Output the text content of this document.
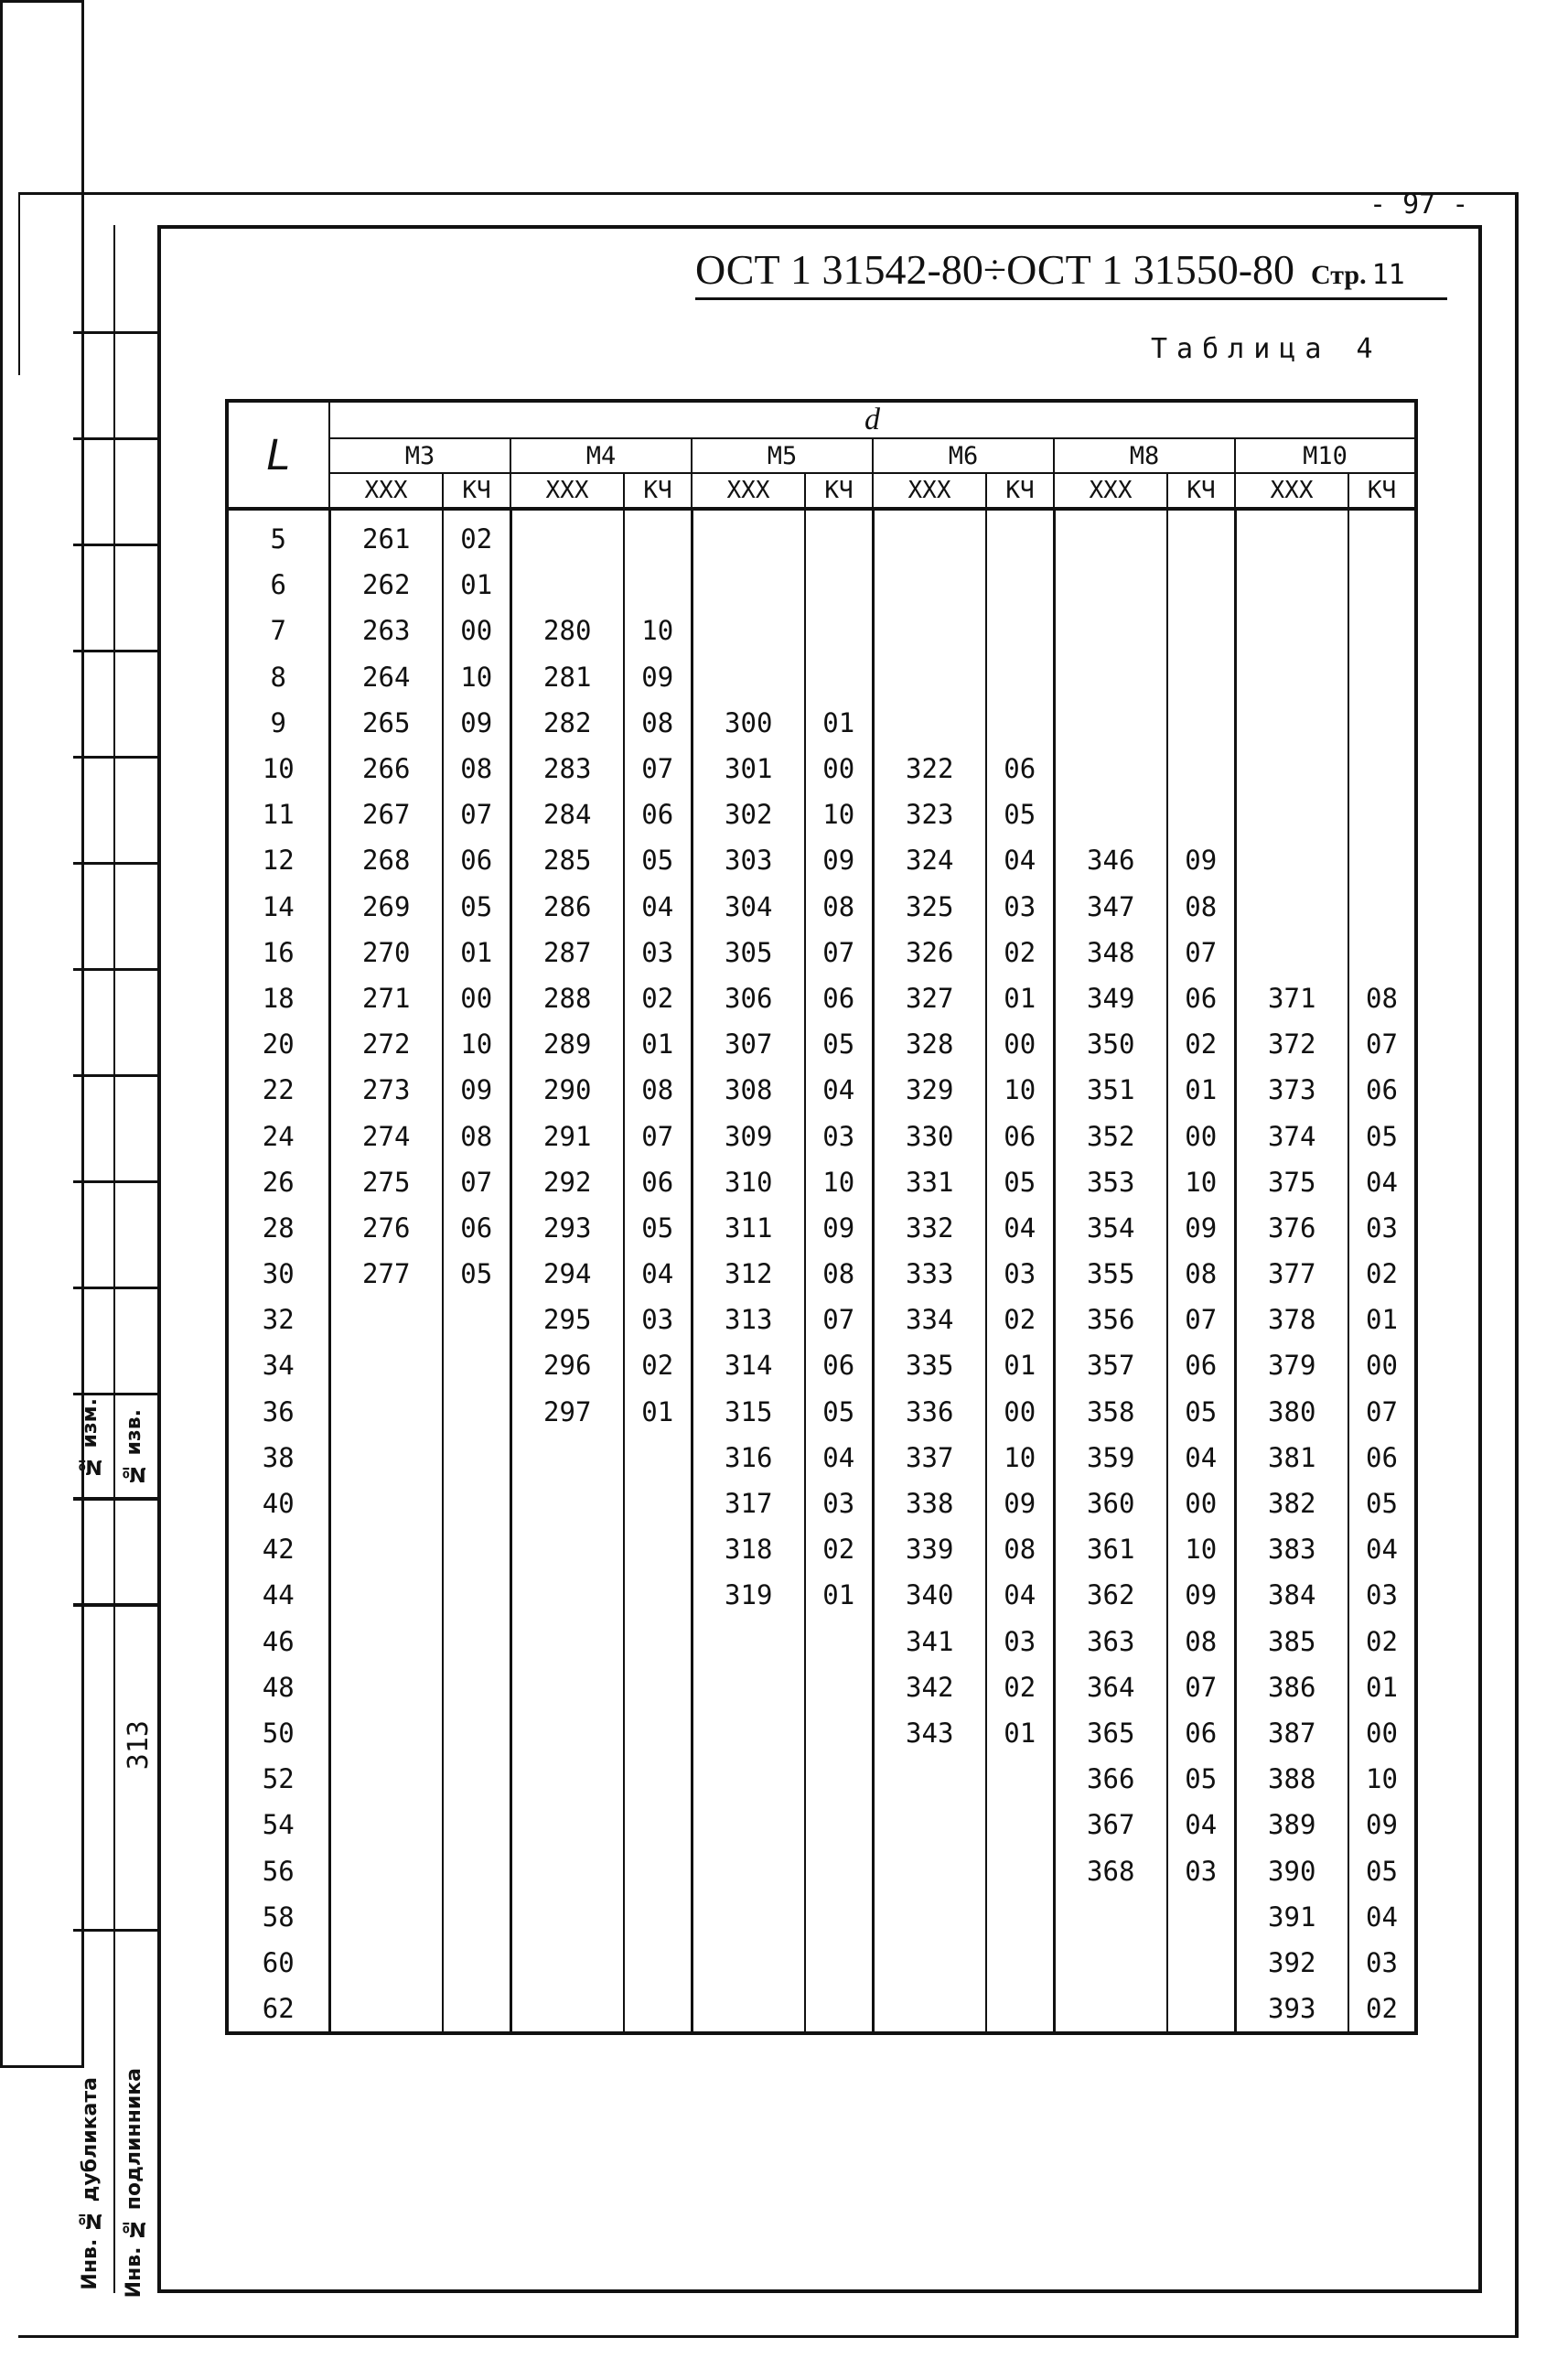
- 97 -
ОСТ 1 31542-80÷ОСТ 1 31550-80 Стр. 11
Таблица 4
№ изм. № изв.
313
Инв. № дубликата Инв. № подлинника
L	d											
	М3		М4		М5		М6		М8		М10	
	ХХХ	КЧ	ХХХ	КЧ	ХХХ	КЧ	ХХХ	КЧ	ХХХ	КЧ	ХХХ	КЧ
5	261	02										
6	262	01										
7	263	00	280	10								
8	264	10	281	09								
9	265	09	282	08	300	01						
10	266	08	283	07	301	00	322	06				
11	267	07	284	06	302	10	323	05				
12	268	06	285	05	303	09	324	04	346	09		
14	269	05	286	04	304	08	325	03	347	08		
16	270	01	287	03	305	07	326	02	348	07		
18	271	00	288	02	306	06	327	01	349	06	371	08
20	272	10	289	01	307	05	328	00	350	02	372	07
22	273	09	290	08	308	04	329	10	351	01	373	06
24	274	08	291	07	309	03	330	06	352	00	374	05
26	275	07	292	06	310	10	331	05	353	10	375	04
28	276	06	293	05	311	09	332	04	354	09	376	03
30	277	05	294	04	312	08	333	03	355	08	377	02
32			295	03	313	07	334	02	356	07	378	01
34			296	02	314	06	335	01	357	06	379	00
36			297	01	315	05	336	00	358	05	380	07
38					316	04	337	10	359	04	381	06
40					317	03	338	09	360	00	382	05
42					318	02	339	08	361	10	383	04
44					319	01	340	04	362	09	384	03
46							341	03	363	08	385	02
48							342	02	364	07	386	01
50							343	01	365	06	387	00
52									366	05	388	10
54									367	04	389	09
56									368	03	390	05
58											391	04
60											392	03
62											393	02
